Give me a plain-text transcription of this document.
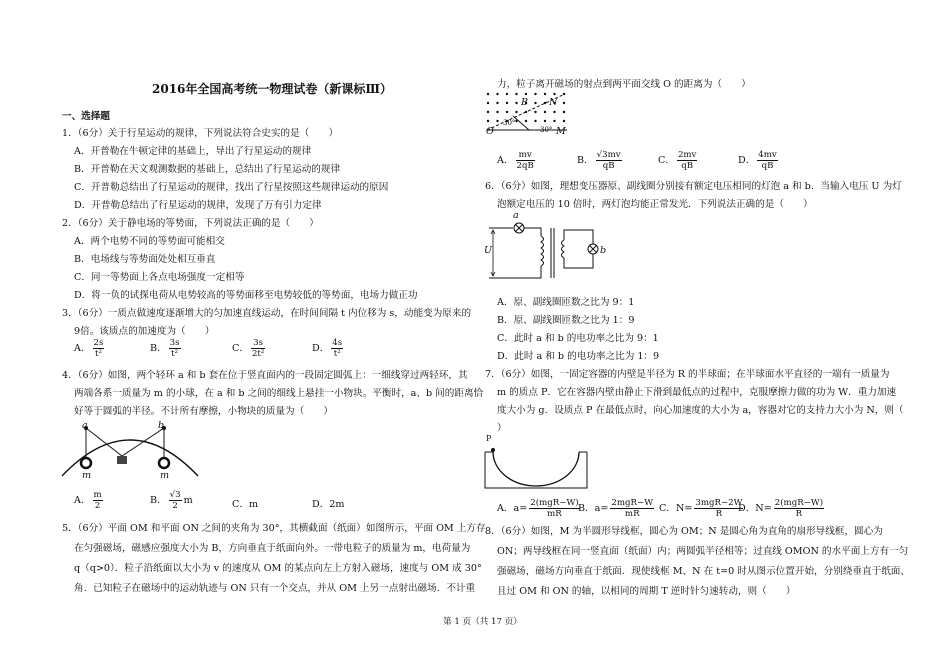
2016年全国高考统一物理试卷（新课标Ⅲ）
一、选择题
1．（6分）关于行星运动的规律，下列说法符合史实的是（　　）
A．开普勒在牛顿定律的基础上，导出了行星运动的规律
B．开普勒在天文观测数据的基础上，总结出了行星运动的规律
C．开普勒总结出了行星运动的规律，找出了行星按照这些规律运动的原因
D．开普勒总结出了行星运动的规律，发现了万有引力定律
2．（6分）关于静电场的等势面，下列说法正确的是（　　）
A．两个电势不同的等势面可能相交
B．电场线与等势面处处相互垂直
C．同一等势面上各点电场强度一定相等
D．将一负的试探电荷从电势较高的等势面移至电势较低的等势面，电场力做正功
3．（6分）一质点做速度逐渐增大的匀加速直线运动，在时间间隔 t 内位移为 s，动能变为原来的
9倍。该质点的加速度为（　　）
A． $\frac{2s}{\text{t²}}$	B． $\frac{3s}{\text{t²}}$	C． $\frac{3s}{\text{2t²}}$	D． $\frac{4s}{\text{t²}}$
4．（6分）如图，两个轻环 a 和 b 套在位于竖直面内的一段固定圆弧上：一细线穿过两轻环，其
两端各系一质量为 m 的小球，在 a 和 b 之间的细线上悬挂一小物块。平衡时，a、b 间的距离恰
好等于圆弧的半径。不计所有摩擦，小物块的质量为（　　）
a	b
m	m
A． $\frac{m}{2}$	B． $\frac{√3}{2}$ m	C．m	D．2m
5．（6分）平面 OM 和平面 ON 之间的夹角为 30°，其横截面（纸面）如图所示，平面 OM 上方存
在匀强磁场，磁感应强度大小为 B，方向垂直于纸面向外。一带电粒子的质量为 m，电荷量为
q（q>0）．粒子沿纸面以大小为 v 的速度从 OM 的某点向左上方射入磁场，速度与 OM 成 30°
角．已知粒子在磁场中的运动轨迹与 ON 只有一个交点，并从 OM 上另一点射出磁场．不计重
力，粒子离开磁场的射点到两平面交线 O 的距离为（　　）
B N
O
30°
30° M
A． $\frac{mv}{2qB}$	B． $\frac{√3mv}{qB}$	C． $\frac{2mv}{qB}$	D． $\frac{4mv}{qB}$
6．（6分）如图，理想变压器原、副线圈分别接有额定电压相同的灯泡 a 和 b．当输入电压 U 为灯
泡额定电压的 10 倍时，两灯泡均能正常发光．下列说法正确的是（　　）
a
b
U
A．原、副线圈匝数之比为 9：1
B．原、副线圈匝数之比为 1：9
C．此时 a 和 b 的电功率之比为 9：1
D．此时 a 和 b 的电功率之比为 1：9
7．（6分）如图，一固定容器的内壁是半径为 R 的半球面；在半球面水平直径的一端有一质量为
m 的质点 P．它在容器内壁由静止下滑到最低点的过程中，克服摩擦力做的功为 W．重力加速
度大小为 g．设质点 P 在最低点时，向心加速度的大小为 a，容器对它的支持力大小为 N，则（
）
P
A．$a= \frac{\text{2(mgR−W)}}{mR}$
B．$a= \frac{\text{2mgR−W}}{mR}$ C．$N= \frac{\text{3mgR−2W}}{R}$
D．$N= \frac{\text{2(mgR−W)}}{R}$
8．（6分）如图，M 为半圆形导线框，圆心为 OM；N 是圆心角为直角的扇形导线框，圆心为
ON；两导线框在同一竖直面（纸面）内；两圆弧半径相等；过直线 OMON 的水平面上方有一匀
强磁场，磁场方向垂直于纸面．现使线框 M、N 在 t=0 时从图示位置开始，分别绕垂直于纸面、
且过 OM 和 ON 的轴，以相同的周期 T 逆时针匀速转动，则（　　）
第 1 页（共 17 页）
